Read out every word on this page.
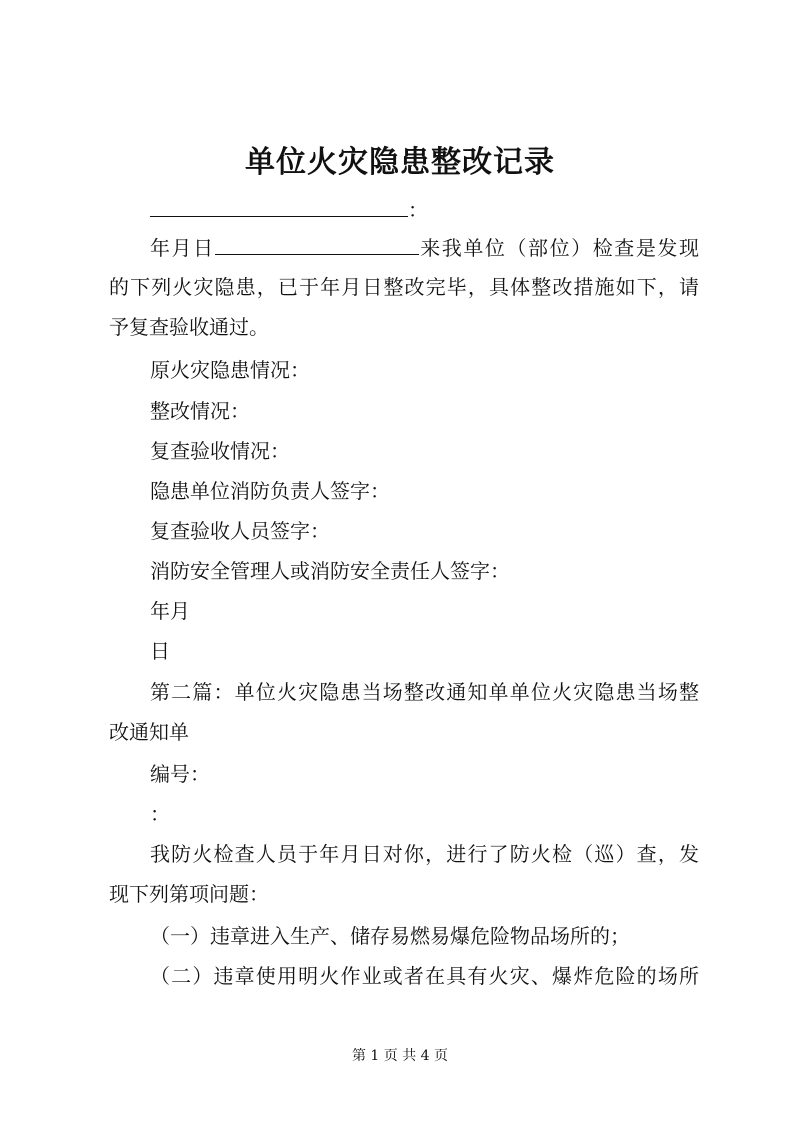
单位火灾隐患整改记录
：
年月日	来我单位（部位）检查是发现
的下列火灾隐患，已于年月日整改完毕，具体整改措施如下，请
予复查验收通过。
原火灾隐患情况：
整改情况：
复查验收情况：
隐患单位消防负责人签字：
复查验收人员签字：
消防安全管理人或消防安全责任人签字：
年月
日
第二篇：单位火灾隐患当场整改通知单单位火灾隐患当场整
改通知单
编号：
：
我防火检查人员于年月日对你，进行了防火检（巡）查，发
现下列第项问题：
（一）违章进入生产、储存易燃易爆危险物品场所的；
（二）违章使用明火作业或者在具有火灾、爆炸危险的场所
第 1 页 共 4 页
